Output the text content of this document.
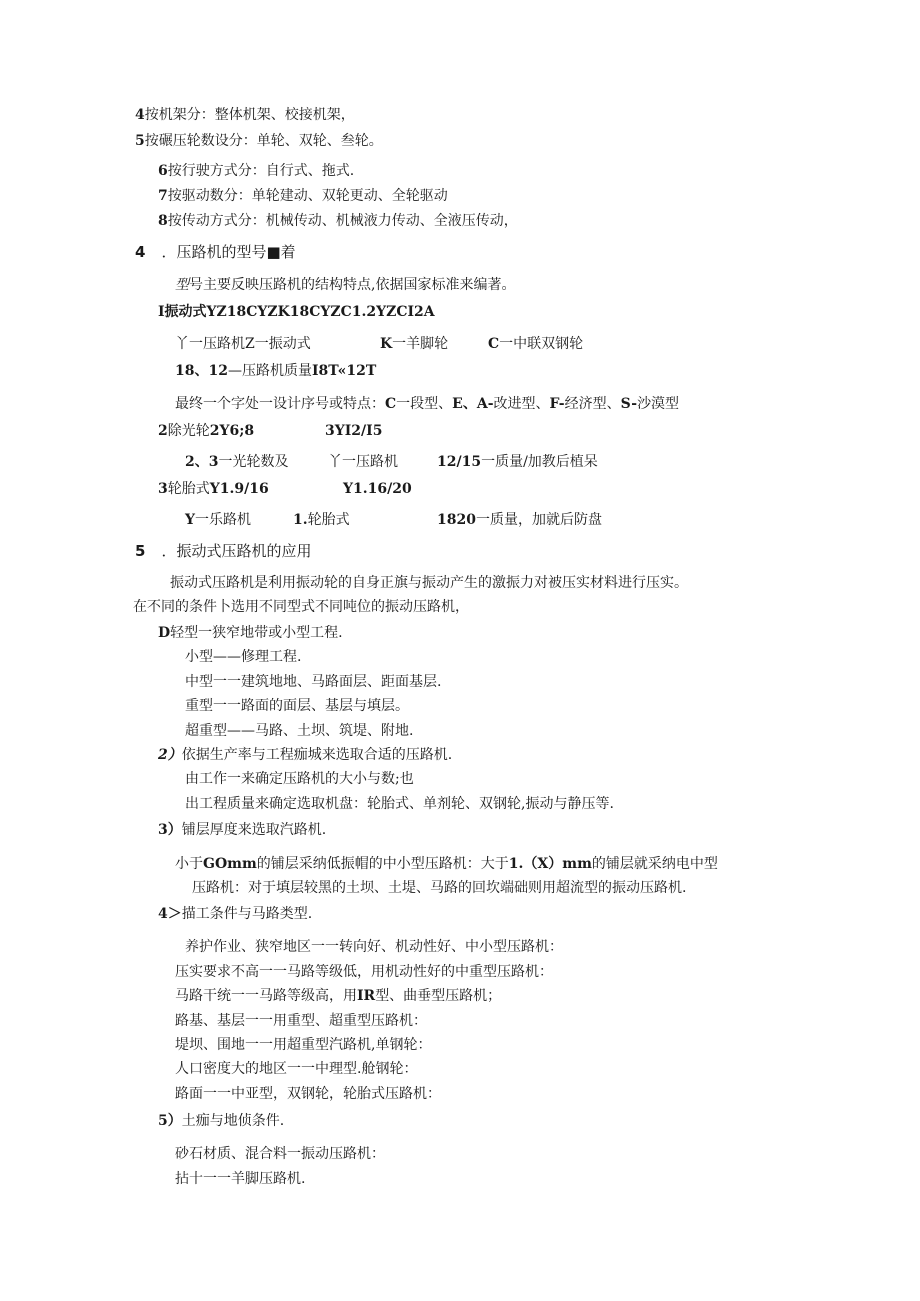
4按机架分：整体机架、校接机架，
5按碾压轮数设分：单轮、双轮、叁轮。
6按行驶方式分：自行式、拖式.
7按驱动数分：单轮建动、双轮更动、全轮驱动
8按传动方式分：机械传动、机械液力传动、全液压传动，
4 ．压路机的型号■着
型号主要反映压路机的结构特点,依据国家标准来编著。
I振动式YZ18CYZK18CYZC1.2YZCI2A
丫一压路机Z一振动式	K一羊脚轮	C一中联双钢轮
18、12—压路机质量I8T«12T
最终一个字处一设计序号或特点：C一段型、E、A-改进型、F-经济型、S-沙漠型
2除光轮2Y6;8	3YI2/I5
2、3一光轮数及	丫一压路机	12/15一质量/加教后植呆
3轮胎式Y1.9/16	Y1.16/20
Y一乐路机	1.轮胎式	1820一质量，加就后防盘
5 ．振动式压路机的应用
振动式压路机是利用振动轮的自身正旗与振动产生的激振力对被压实材料进行压实。
在不同的条件卜选用不同型式不同吨位的振动压路机，
D轻型一狭窄地带或小型工程.
小型——修理工程.
中型一一建筑地地、马路面层、距面基层.
重型一一路面的面层、基层与填层。
超重型——马路、土坝、筑堤、附地.
2）依据生产率与工程痂城来选取合适的压路机.
由工作一来确定压路机的大小与数;也
出工程质量来确定选取机盘：轮胎式、单剂轮、双钢轮,振动与静压等.
3）铺层厚度来选取汽路机.
小于GOmm的铺层采纳低振帽的中小型压路机：大于1.（X）mm的铺层就采纳电中型
压路机：对于填层较黑的土坝、土堤、马路的回坎端础则用超流型的振动压路机.
4＞描工条件与马路类型.
养护作业、狭窄地区一一转向好、机动性好、中小型压路机：
压实要求不高一一马路等级低，用机动性好的中重型压路机：
马路干统一一马路等级高，用IR型、曲垂型压路机；
路基、基层一一用重型、超重型压路机：
堤坝、围地一一用超重型汽路机,单钢轮：
人口密度大的地区一一中理型.舱钢轮：
路面一一中亚型，双钢轮，轮胎式压路机：
5）土痂与地侦条件.
砂石材质、混合料一振动压路机：
拈十一一羊脚压路机.
